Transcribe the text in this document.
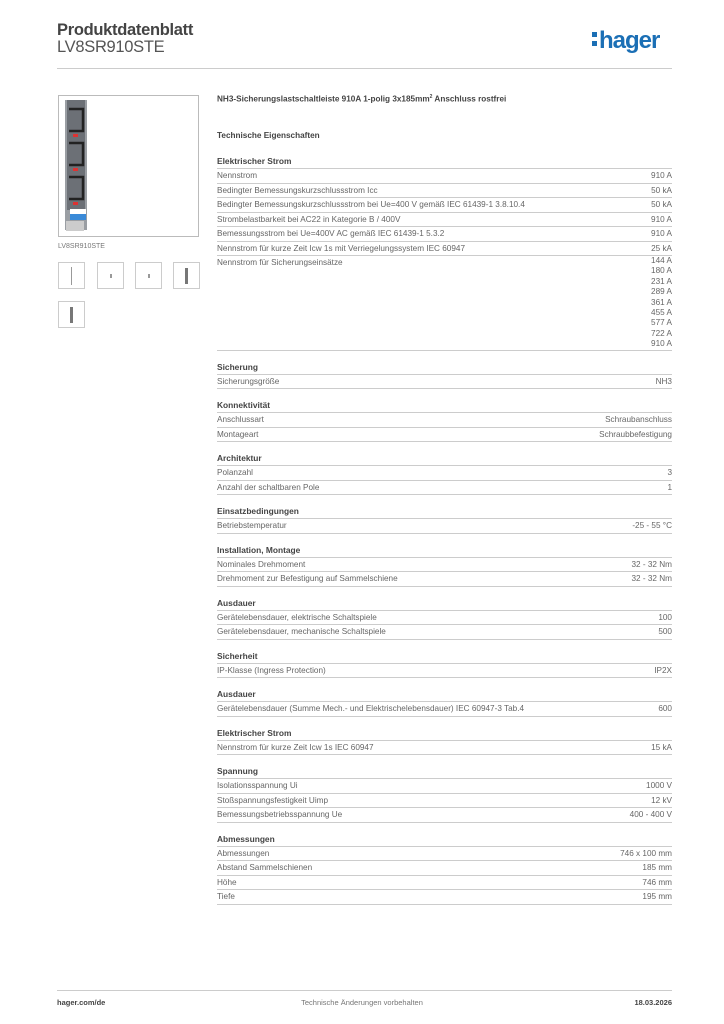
Produktdatenblatt
LV8SR910STE	hager
LV8SR910STE
NH3-Sicherungslastschaltleiste 910A 1-polig $3x185mm^2$ Anschluss rostfrei
Technische Eigenschaften
Elektrischer Strom
Nennstrom	910 A
Bedingter Bemessungskurzschlussstrom Icc	50 kA
Bedingter Bemessungskurzschlussstrom bei Ue=400 V gemäß IEC 61439-1 3.8.10.4	50 kA
Strombelastbarkeit bei AC22 in Kategorie B / 400V	910 A
Bemessungsstrom bei Ue=400V AC gemäß IEC 61439-1 5.3.2	910 A
Nennstrom für kurze Zeit Icw 1s mit Verriegelungssystem IEC 60947	25 kA
Nennstrom für Sicherungseinsätze	144 A
180 A
231 A
289 A
361 A
455 A
577 A
722 A
910 A
Sicherung
Sicherungsgröße	NH3
Konnektivität
Anschlussart	Schraubanschluss
Montageart	Schraubbefestigung
Architektur
Polanzahl	3
Anzahl der schaltbaren Pole	1
Einsatzbedingungen
Betriebstemperatur	-25 - 55 °C
Installation, Montage
Nominales Drehmoment	32 - 32 Nm
Drehmoment zur Befestigung auf Sammelschiene	32 - 32 Nm
Ausdauer
Gerätelebensdauer, elektrische Schaltspiele	100
Gerätelebensdauer, mechanische Schaltspiele	500
Sicherheit
IP-Klasse (Ingress Protection)	IP2X
Ausdauer
Gerätelebensdauer (Summe Mech.- und Elektrischelebensdauer) IEC 60947-3 Tab.4	600
Elektrischer Strom
Nennstrom für kurze Zeit Icw 1s IEC 60947	15 kA
Spannung
Isolationsspannung Ui	1000 V
Stoßspannungsfestigkeit Uimp	12 kV
Bemessungsbetriebsspannung Ue	400 - 400 V
Abmessungen
Abmessungen	746 x 100 mm
Abstand Sammelschienen	185 mm
Höhe	746 mm
Tiefe	195 mm
Technische Änderungen vorbehalten
hager.com/de	18.03.2026
